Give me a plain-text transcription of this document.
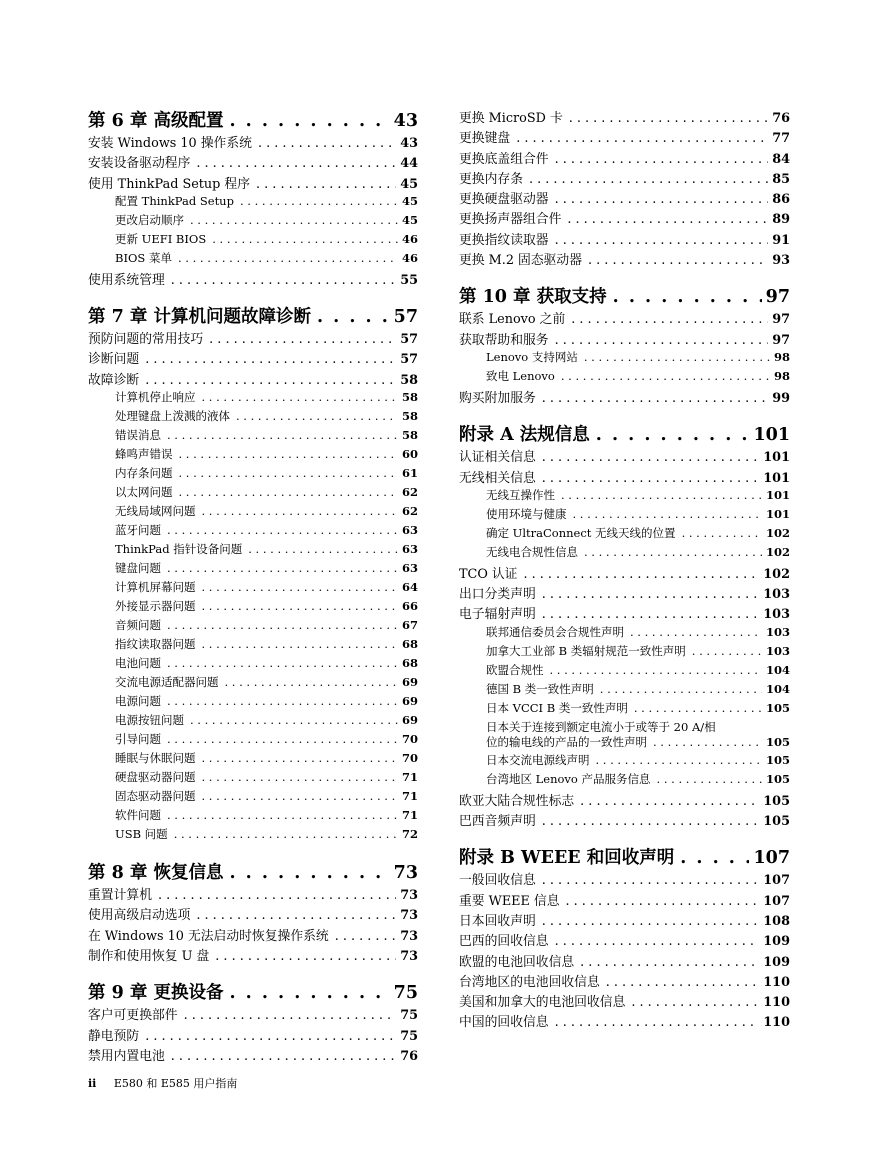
第 6 章 高级配置 . . .	43
安装 Windows 10 操作系统 . . .	43
安装设备驱动程序 . . .	44
使用 ThinkPad Setup 程序 . . .	45
配置 ThinkPad Setup . . .	45
更改启动顺序 . . .	45
更新 UEFI BIOS . . .	46
BIOS 菜单 . . .	46
使用系统管理 . . .	55
第 7 章 计算机问题故障诊断 . . .	57
预防问题的常用技巧 . . .	57
诊断问题 . . .	57
故障诊断 . . .	58
计算机停止响应 . . .	58
处理键盘上泼溅的液体 . . .	58
错误消息 . . .	58
蜂鸣声错误 . . .	60
内存条问题 . . .	61
以太网问题 . . .	62
无线局域网问题 . . .	62
蓝牙问题 . . .	63
ThinkPad 指针设备问题 . . .	63
键盘问题 . . .	63
计算机屏幕问题 . . .	64
外接显示器问题 . . .	66
音频问题 . . .	67
指纹读取器问题 . . .	68
电池问题 . . .	68
交流电源适配器问题 . . .	69
电源问题 . . .	69
电源按钮问题 . . .	69
引导问题 . . .	70
睡眠与休眠问题 . . .	70
硬盘驱动器问题 . . .	71
固态驱动器问题 . . .	71
软件问题 . . .	71
USB 问题 . . .	72
第 8 章 恢复信息 . . .	73
重置计算机 . . .	73
使用高级启动选项 . . .	73
在 Windows 10 无法启动时恢复操作系统 . . .	73
制作和使用恢复 U 盘 . . .	73
第 9 章 更换设备 . . .	75
客户可更换部件 . . .	75
静电预防 . . .	75
禁用内置电池 . . .	76
更换 MicroSD 卡 . . .	76
更换键盘 . . .	77
更换底盖组合件 . . .	84
更换内存条 . . .	85
更换硬盘驱动器 . . .	86
更换扬声器组合件 . . .	89
更换指纹读取器 . . .	91
更换 M.2 固态驱动器 . . .	93
第 10 章 获取支持 . . .	97
联系 Lenovo 之前 . . .	97
获取帮助和服务 . . .	97
Lenovo 支持网站 . . .	98
致电 Lenovo . . .	98
购买附加服务 . . .	99
附录 A 法规信息 . . .	101
认证相关信息 . . .	101
无线相关信息 . . .	101
无线互操作性 . . .	101
使用环境与健康 . . .	101
确定 UltraConnect 无线天线的位置 . . .	102
无线电合规性信息 . . .	102
TCO 认证 . . .	102
出口分类声明 . . .	103
电子辐射声明 . . .	103
联邦通信委员会合规性声明 . . .	103
加拿大工业部 B 类辐射规范一致性声明 . . .	103
欧盟合规性 . . .	104
德国 B 类一致性声明 . . .	104
日本 VCCI B 类一致性声明 . . .	105
日本关于连接到额定电流小于或等于 20 A/相
位的输电线的产品的一致性声明 . . .	105
日本交流电源线声明 . . .	105
台湾地区 Lenovo 产品服务信息 . . .	105
欧亚大陆合规性标志 . . .	105
巴西音频声明 . . .	105
附录 B WEEE 和回收声明 . . .	107
一般回收信息 . . .	107
重要 WEEE 信息 . . .	107
日本回收声明 . . .	108
巴西的回收信息 . . .	109
欧盟的电池回收信息 . . .	109
台湾地区的电池回收信息 . . .	110
美国和加拿大的电池回收信息 . . .	110
中国的回收信息 . . .	110
ii E580 和 E585 用户指南
